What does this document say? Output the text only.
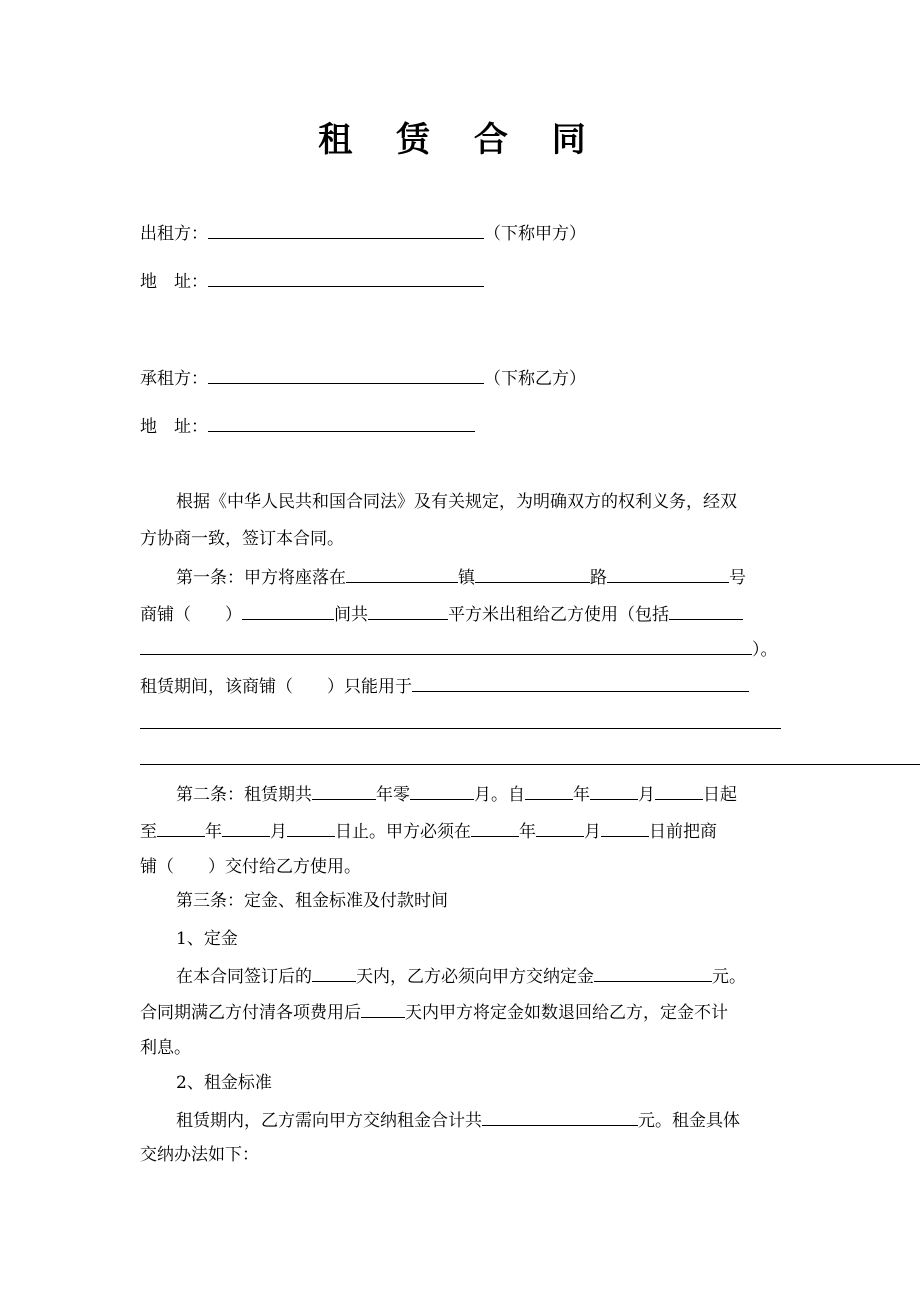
租 赁 合 同
出租方：	（下称甲方）
地　址：
承租方：	（下称乙方）
地　址：
根据《中华人民共和国合同法》及有关规定，为明确双方的权利义务，经双
方协商一致，签订本合同。
第一条：甲方将座落在	镇	路	号
商铺（　　）	间共	平方米出租给乙方使用（包括
）。
租赁期间，该商铺（　　）只能用于
第二条：租赁期共	年零	月。自	年	月	日起
至	年	月	日止。甲方必须在	年	月	日前把商
铺（　　）交付给乙方使用。
第三条：定金、租金标准及付款时间
1、定金
在本合同签订后的	天内，乙方必须向甲方交纳定金	元。
合同期满乙方付清各项费用后	天内甲方将定金如数退回给乙方，定金不计
利息。
2、租金标准
租赁期内，乙方需向甲方交纳租金合计共	元。租金具体
交纳办法如下：
